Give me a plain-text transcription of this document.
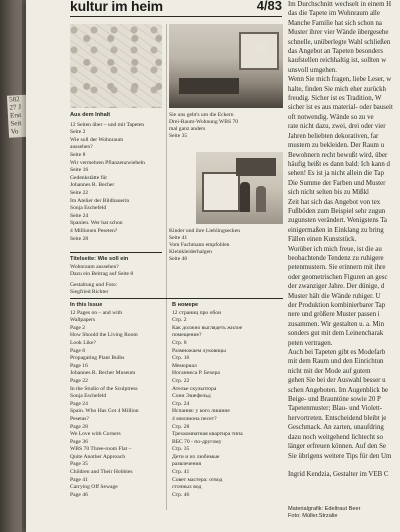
582
27 J
Erst
Seit
Vo
kultur im heim	4/83
Sie uns gebt's um die Eckern
Drei-Raum-Wohnung WBS 70
mal ganz anders
Seite 35
Kinder und ihre Lieblingsecken
Seite 41
Vom Fachmann empfohlen
Kleinkleiderhalgen
Seite 46
Aus dem Inhalt
12 Seiten über – und mit Tapeten
Seite 2
Wie soll der Wohnraum
aussehen?
Seite 8
Wir vermehren Pflanzenzwiebeln
Seite 16
Gedenkstätte für
Johannes R. Becher
Seite 22
Im Atelier der Bildhauerin
Sonja Eschefeld
Seite 24
Spanien. Wer hat schon
4 Millionen Peseten?
Seite 28
Titelseite: Wie soll ein
Wohnraum aussehen?
Dazu ein Beitrag auf Seite 8
Gestaltung und Foto:
Siegfried Richter
In this Issue
12 Pages on – and with
Wallpapers
Page 2
How Should the Living Room
Look Like?
Page 8
Propagating Plant Bulbs
Page 16
Johannes R. Becher Museum
Page 22
In the Studio of the Sculptress
Sonja Eschefeld
Page 24
Spain. Who Has Got 4 Million
Pesetas?
Page 28
We Love with Corners
Page 36
WBS 70 Three-room Flat –
Quite Another Approach
Page 35
Children and Their Hobbies
Page 41
Carrying Off Sewage
Page 46
В номере
12 страниц про обои
Стр. 2
Как должно выглядеть жилое
помещение?
Стр. 8
Размножаем луковицы
Стр. 16
Мемориал
Иоганнеса Р. Бехера
Стр. 22
Ателье скульптора
Сони Эшефельд
Стр. 24
Испания: у кого лишние
4 миллиона песет?
Стр. 28
Трехкомнатная квартира типа
ВБС 70 - по-другому
Стр. 35
Дети и их любимые
развлечения
Стр. 41
Совет мастера: отвод
сточных вод
Стр. 46
Im Durchschnitt wechselt in einem H
das die Tapete im Wohnraum alle
Manche Familie hat sich schon na
Muster ihrer vier Wände übergesehe
schnelle, unüberlegte Wahl schließen
das Angebot an Tapeten besonders
kaufstellen reichhaltig ist, sollten w
unsvoll umgehen.
Wenn Sie mich fragen, liebe Leser, w
halte, finden Sie mich eher zurückh
freudig. Sicher ist es Tradition, W
sicher ist es aus material- oder bauseit
oft notwendig. Wände so zu ve
rate nicht dazu, zwei, drei oder vier
Jahren beliebten dekorativen, far
mustern zu bekleiden. Der Raum u
Bewohnern recht bewußt wird, über
häufig heißt es dann bald: Ich kann d
sehen! Es ist ja nicht allein die Tap
Die Summe der Farben und Muster
sich nicht selten bis zu Mißkl
Zeit hat sich das Angebot von tex
Fußböden zum Beispiel sehr zugun
zugunsten verändert. Wenigstens Ta
einigermaßen in Einklang zu bring
Fällen einen Kunststück.
Worüber ich mich freue, ist die au
beobachtende Tendenz zu ruhigere
petenmustern. Sie erinnern mit ihre
oder geometrischen Figuren an gesc
der zwanziger Jahre. Der dünige, d
Muster hält die Wände ruhiger. U
der Produktion kombinierbarer Tap
nere und größere Muster passen i
zusammen. Wir gestalten u. a. Min
sonders gut mit dem Leinencharak
peten vertragen.
Auch bei Tapeten gibt es Modefarb
mit dem Raum und den Einrichtun
nicht mit der Mode auf gutem
gehen Sie bei der Auswahl besser u
schen Angeboten. Im Augenblick be
Beige- und Brauntöne sowie 20 P
Tapetenmuster; Blau- und Violett-
hervortreten. Entscheidend bleibt je
Geschmack. An zarten, unaufdring
dazu noch weitgehend lichtecht so
länger erfreuen können. Auf den Se
Sie übrigens weitere Tips für den Um
Ingrid Kendzia, Gestalter im VEB C
Materialgrafik: Edeltraut Beer
Foto: Müller.Strzalie
